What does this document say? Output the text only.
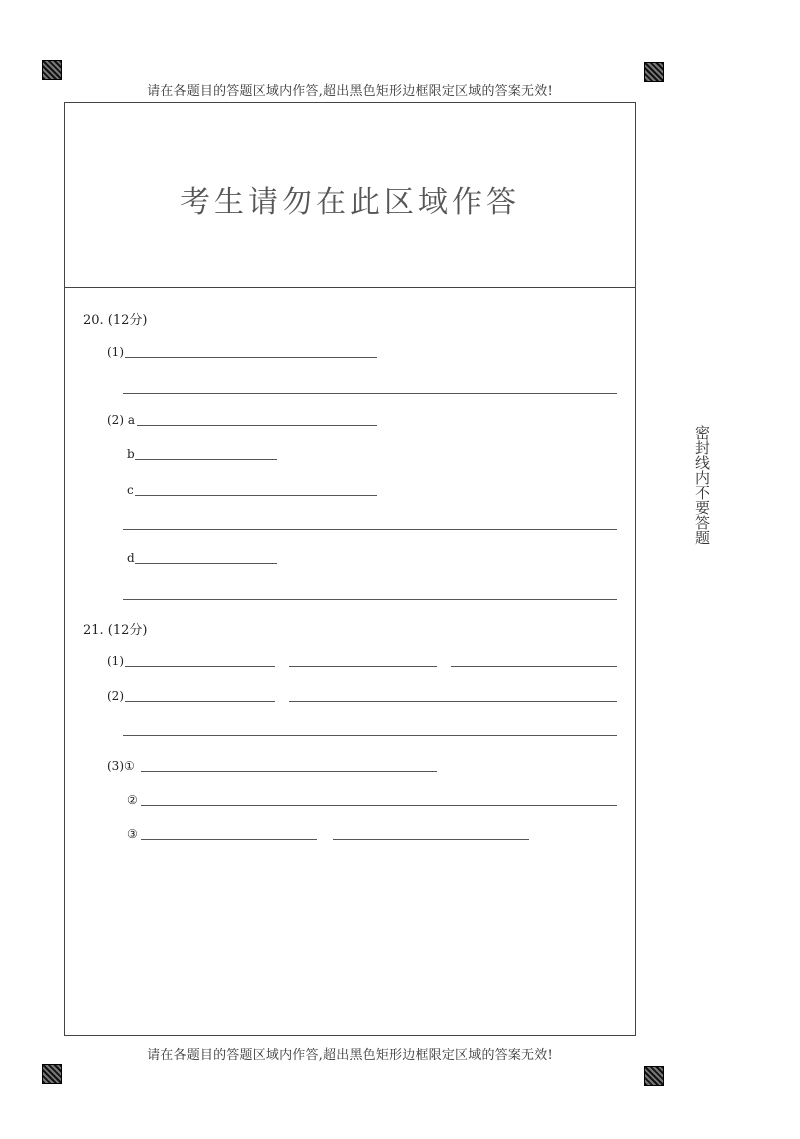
请在各题目的答题区域内作答,超出黑色矩形边框限定区域的答案无效!
考生请勿在此区域作答
20. (12分)
(1)
(2) a
b
c
d
21. (12分)
(1)
(2)
(3)①
②
③
请在各题目的答题区域内作答,超出黑色矩形边框限定区域的答案无效!
密封线内不要答题
